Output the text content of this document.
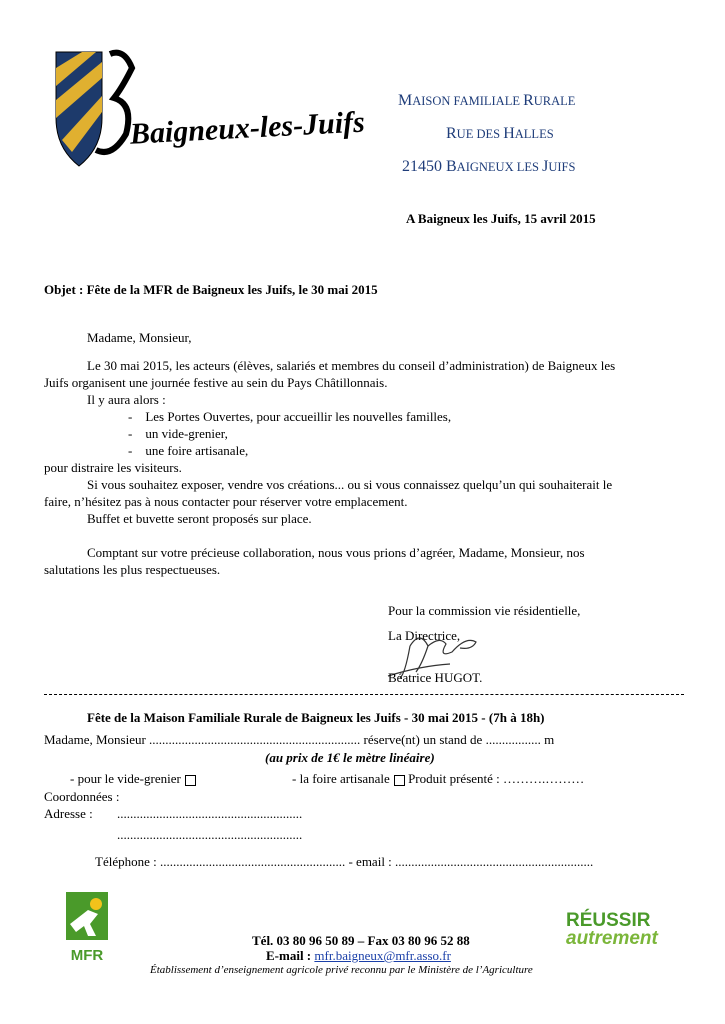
Baigneux-les-Juifs
MAISON FAMILIALE RURALE
RUE DES HALLES
21450 BAIGNEUX LES JUIFS
A Baigneux les Juifs, 15 avril 2015
Objet : Fête de la MFR de Baigneux les Juifs, le 30 mai 2015
Madame, Monsieur,
Le 30 mai 2015, les acteurs (élèves, salariés et membres du conseil d’administration) de Baigneux les
Juifs organisent une journée festive au sein du Pays Châtillonnais.
Il y aura alors :
-    Les Portes Ouvertes, pour accueillir les nouvelles familles,
-    un vide-grenier,
-    une foire artisanale,
pour distraire les visiteurs.
Si vous souhaitez exposer, vendre vos créations... ou si vous connaissez quelqu’un qui souhaiterait le
faire, n’hésitez pas à nous contacter pour réserver votre emplacement.
Buffet et buvette seront proposés sur place.
Comptant sur votre précieuse collaboration, nous vous prions d’agréer, Madame, Monsieur, nos
salutations les plus respectueuses.
Pour la commission vie résidentielle,
La Directrice,
Béatrice HUGOT.
Fête de la Maison Familiale Rurale de Baigneux les Juifs - 30 mai 2015 - (7h à 18h)
Madame, Monsieur ................................................................. réserve(nt) un stand de ................. m
(au prix de 1€ le mètre linéaire)
- pour le vide-grenier	- la foire artisanale Produit présenté : ……….………
Coordonnées :
Adresse : .........................................................
.........................................................
Téléphone : ......................................................... - email : .............................................................
MFR
Tél. 03 80 96 50 89 – Fax 03 80 96 52 88
E-mail : mfr.baigneux@mfr.asso.fr
Établissement d’enseignement agricole privé reconnu par le Ministère de l’Agriculture
RÉUSSIR
autrement
